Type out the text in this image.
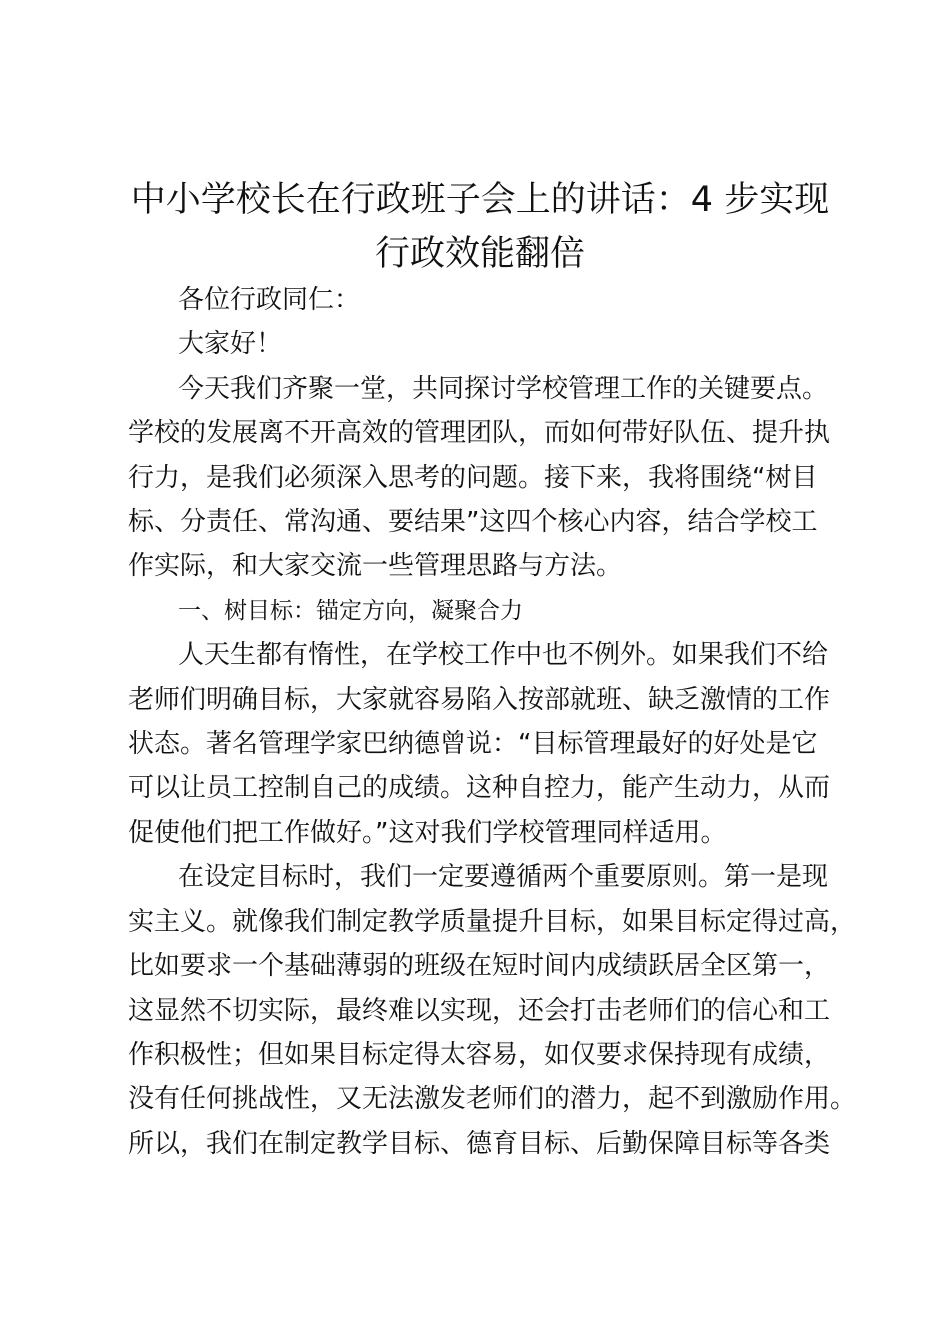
中小学校长在行政班子会上的讲话：4 步实现
行政效能翻倍

各位行政同仁：

大家好！

今天我们齐聚一堂，共同探讨学校管理工作的关键要点。
学校的发展离不开高效的管理团队，而如何带好队伍、提升执
行力，是我们必须深入思考的问题。接下来，我将围绕“树目
标、分责任、常沟通、要结果”这四个核心内容，结合学校工
作实际，和大家交流一些管理思路与方法。

一、树目标：锚定方向，凝聚合力

人天生都有惰性，在学校工作中也不例外。如果我们不给
老师们明确目标，大家就容易陷入按部就班、缺乏激情的工作
状态。著名管理学家巴纳德曾说：“目标管理最好的好处是它
可以让员工控制自己的成绩。这种自控力，能产生动力，从而
促使他们把工作做好。”这对我们学校管理同样适用。

在设定目标时，我们一定要遵循两个重要原则。第一是现
实主义。就像我们制定教学质量提升目标，如果目标定得过高，
比如要求一个基础薄弱的班级在短时间内成绩跃居全区第一，
这显然不切实际，最终难以实现，还会打击老师们的信心和工
作积极性；但如果目标定得太容易，如仅要求保持现有成绩，
没有任何挑战性，又无法激发老师们的潜力，起不到激励作用。
所以，我们在制定教学目标、德育目标、后勤保障目标等各类
